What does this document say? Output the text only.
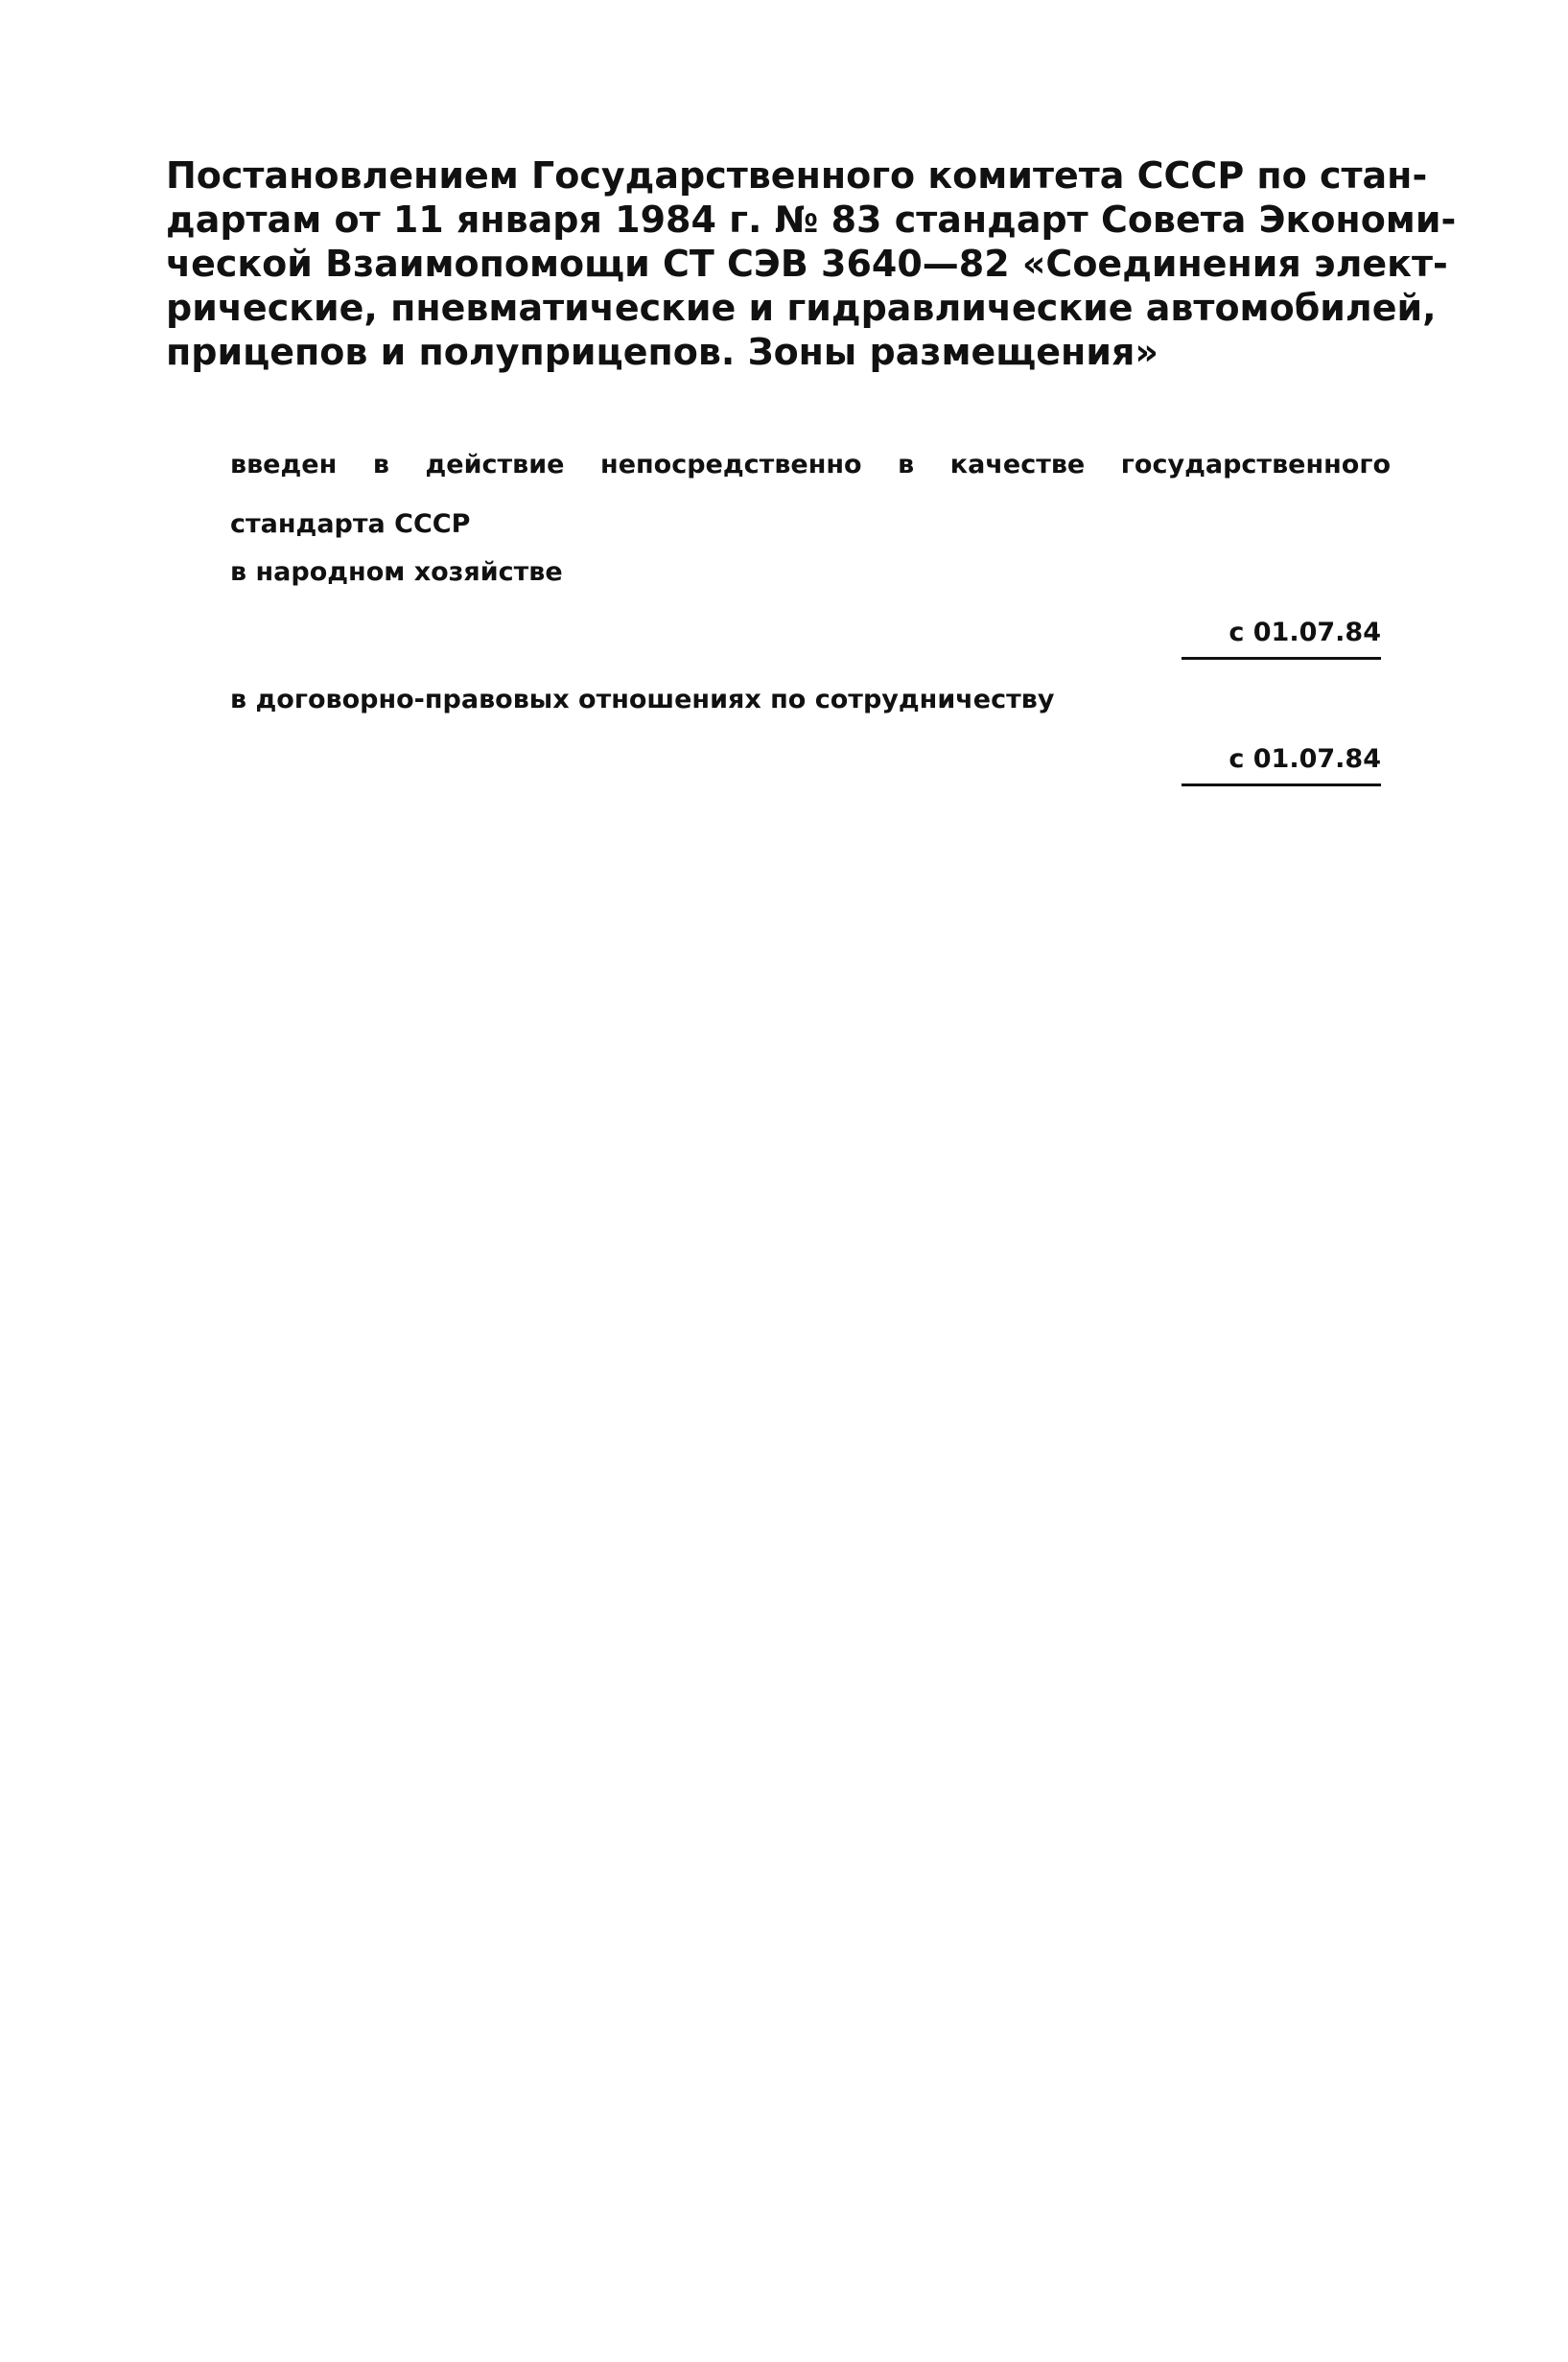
Постановлением Государственного комитета СССР по стан-
дартам от 11 января 1984 г. № 83 стандарт Совета Экономи-
ческой Взаимопомощи СТ СЭВ 3640—82 «Соединения элект-
рические, пневматические и гидравлические автомобилей,
прицепов и полуприцепов. Зоны размещения»
введен в действие непосредственно в качестве государственного
стандарта СССР
в народном хозяйстве
с 01.07.84
в договорно-правовых отношениях по сотрудничеству
с 01.07.84
